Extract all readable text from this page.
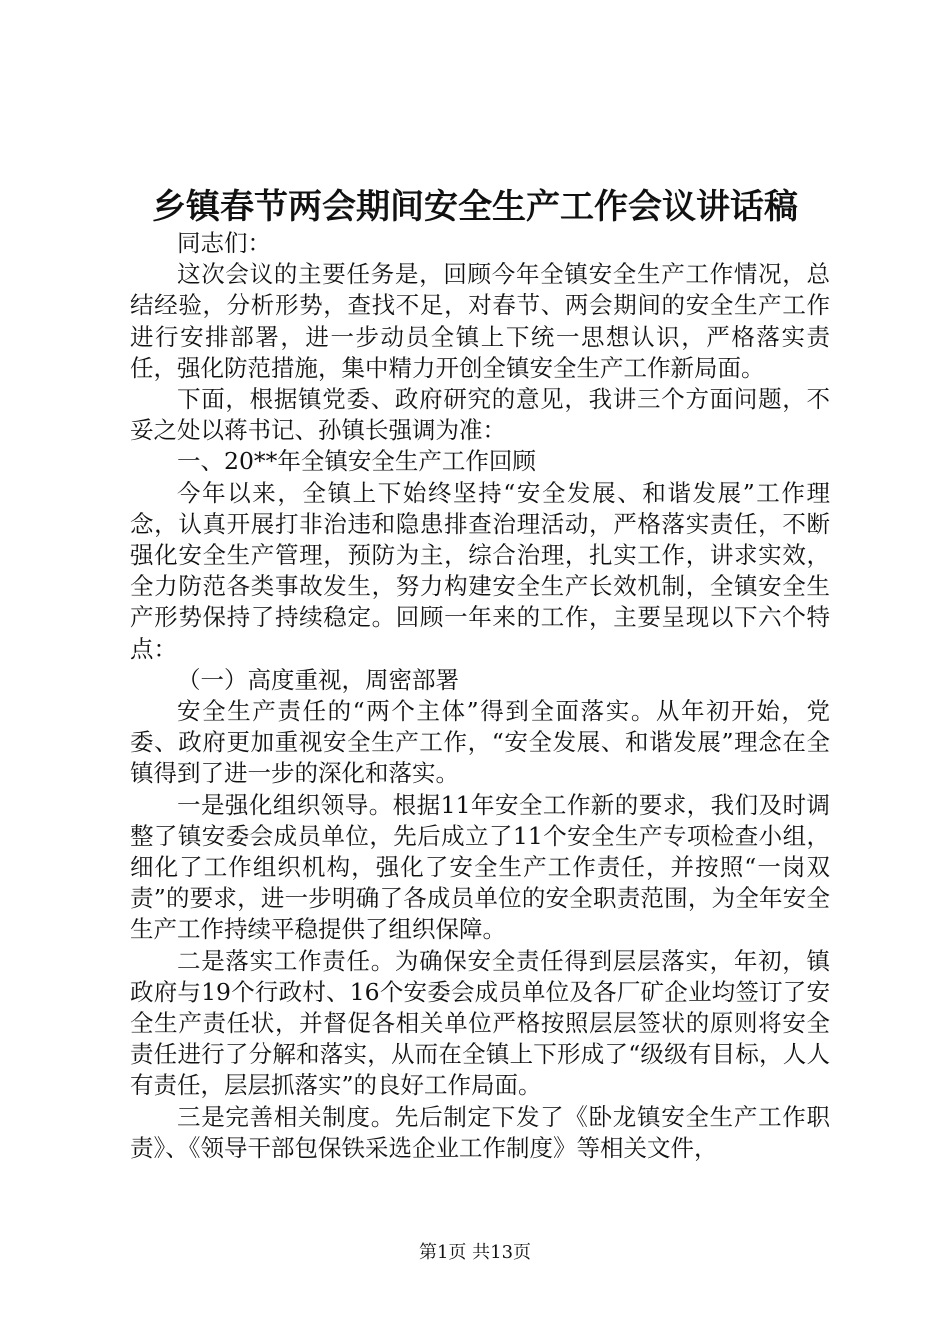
乡镇春节两会期间安全生产工作会议讲话稿

同志们：

这次会议的主要任务是，回顾今年全镇安全生产工作情况，总结经验，分析形势，查找不足，对春节、两会期间的安全生产工作进行安排部署，进一步动员全镇上下统一思想认识，严格落实责任，强化防范措施，集中精力开创全镇安全生产工作新局面。

下面，根据镇党委、政府研究的意见，我讲三个方面问题，不妥之处以蒋书记、孙镇长强调为准：

一、20**年全镇安全生产工作回顾

今年以来，全镇上下始终坚持“安全发展、和谐发展”工作理念，认真开展打非治违和隐患排查治理活动，严格落实责任，不断强化安全生产管理，预防为主，综合治理，扎实工作，讲求实效，全力防范各类事故发生，努力构建安全生产长效机制，全镇安全生产形势保持了持续稳定。回顾一年来的工作，主要呈现以下六个特点：

（一）高度重视，周密部署

安全生产责任的“两个主体”得到全面落实。从年初开始，党委、政府更加重视安全生产工作，“安全发展、和谐发展”理念在全镇得到了进一步的深化和落实。

一是强化组织领导。根据11年安全工作新的要求，我们及时调整了镇安委会成员单位，先后成立了11个安全生产专项检查小组，细化了工作组织机构，强化了安全生产工作责任，并按照“一岗双责”的要求，进一步明确了各成员单位的安全职责范围，为全年安全生产工作持续平稳提供了组织保障。

二是落实工作责任。为确保安全责任得到层层落实，年初，镇政府与19个行政村、16个安委会成员单位及各厂矿企业均签订了安全生产责任状，并督促各相关单位严格按照层层签状的原则将安全责任进行了分解和落实，从而在全镇上下形成了“级级有目标，人人有责任，层层抓落实”的良好工作局面。

三是完善相关制度。先后制定下发了《卧龙镇安全生产工作职责》、《领导干部包保铁采选企业工作制度》等相关文件，

第1页 共13页
